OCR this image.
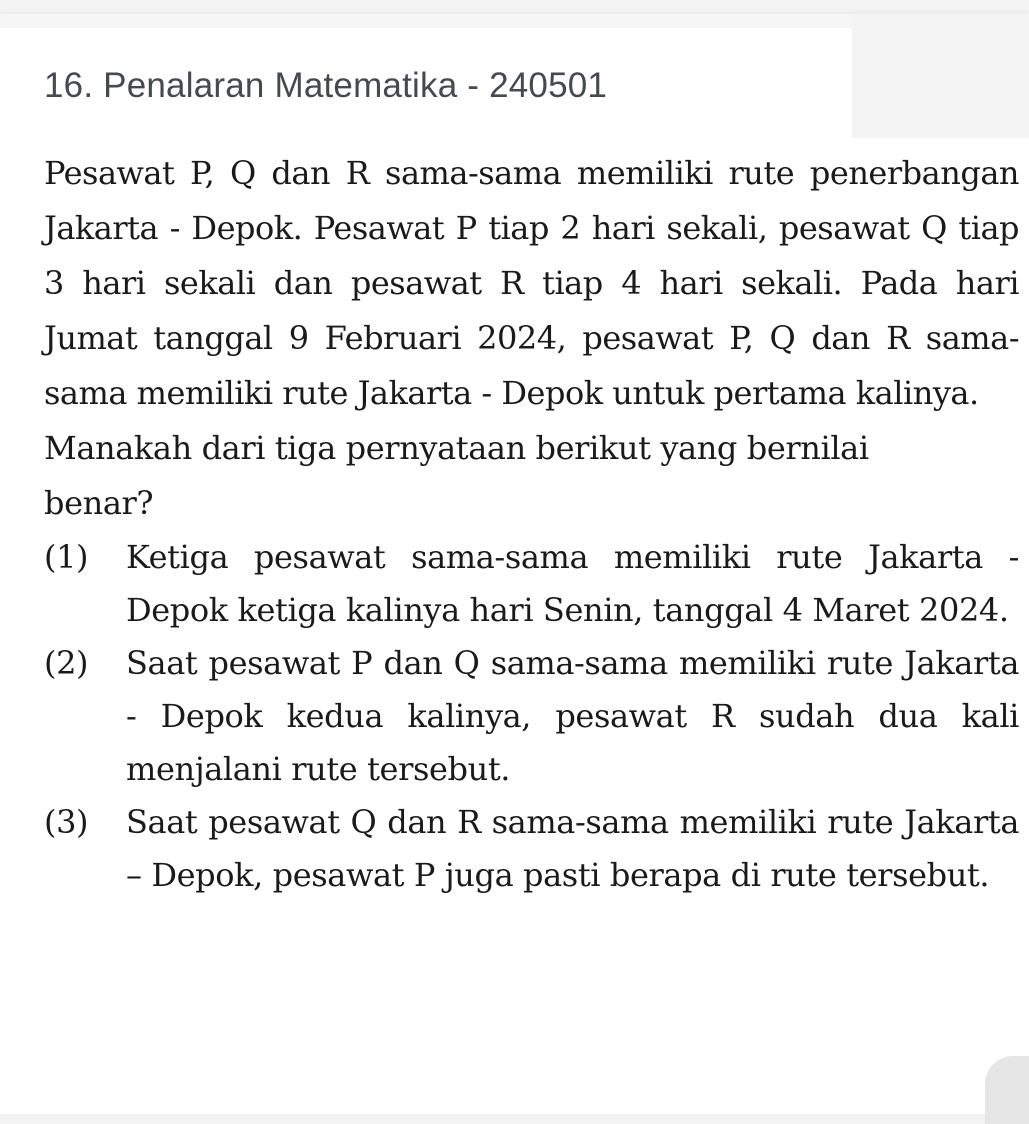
16. Penalaran Matematika - 240501

Pesawat P, Q dan R sama-sama memiliki rute penerbangan Jakarta - Depok. Pesawat P tiap 2 hari sekali, pesawat Q tiap 3 hari sekali dan pesawat R tiap 4 hari sekali. Pada hari Jumat tanggal 9 Februari 2024, pesawat P, Q dan R sama-sama memiliki rute Jakarta - Depok untuk pertama kalinya.

Manakah dari tiga pernyataan berikut yang bernilai benar?

(1)	Ketiga pesawat sama-sama memiliki rute Jakarta - Depok ketiga kalinya hari Senin, tanggal 4 Maret 2024.
(2)	Saat pesawat P dan Q sama-sama memiliki rute Jakarta - Depok kedua kalinya, pesawat R sudah dua kali menjalani rute tersebut.
(3)	Saat pesawat Q dan R sama-sama memiliki rute Jakarta – Depok, pesawat P juga pasti berapa di rute tersebut.
